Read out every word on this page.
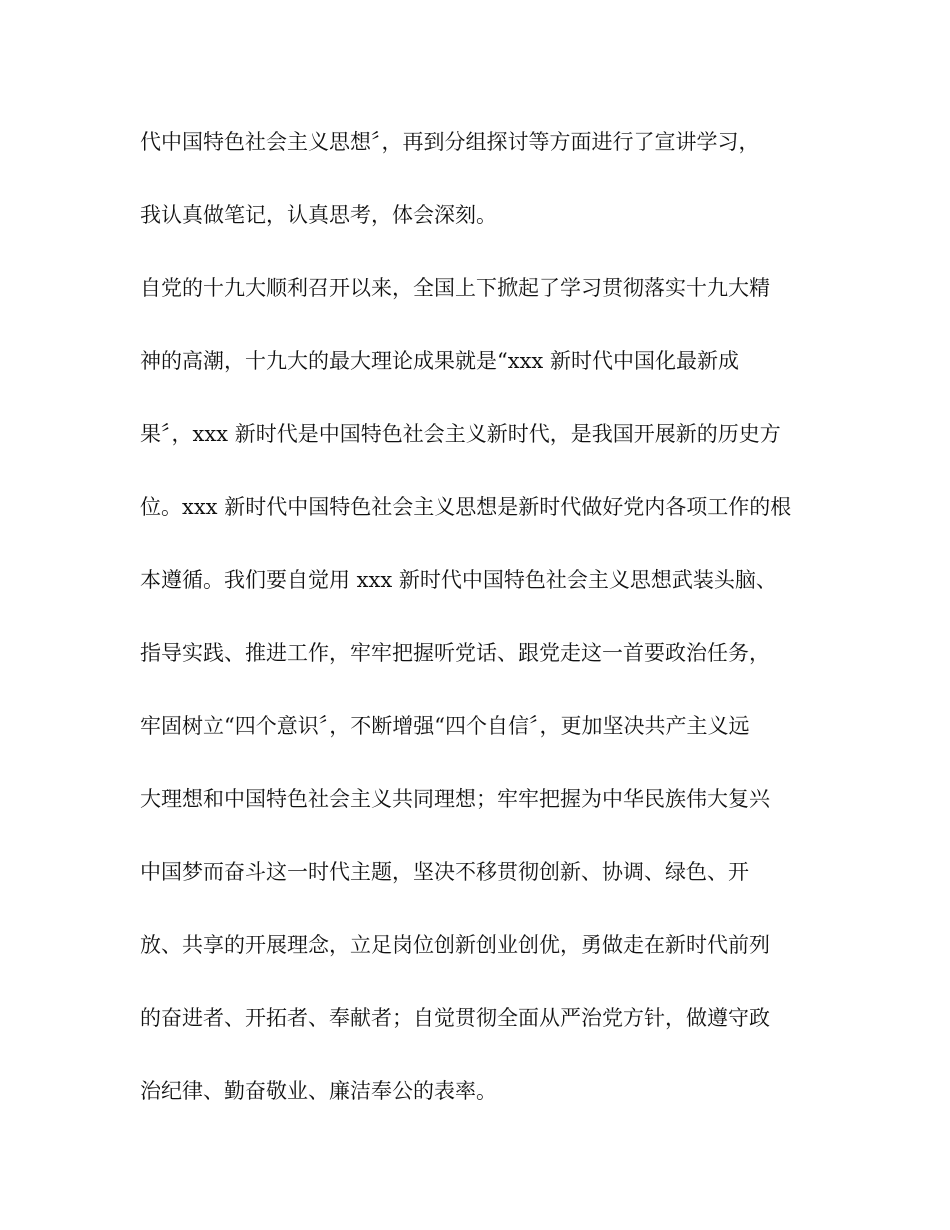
代中国特色社会主义思想〞，再到分组探讨等方面进行了宣讲学习，
我认真做笔记，认真思考，体会深刻。
自党的十九大顺利召开以来，全国上下掀起了学习贯彻落实十九大精
神的高潮，十九大的最大理论成果就是“xxx 新时代中国化最新成
果〞，xxx 新时代是中国特色社会主义新时代，是我国开展新的历史方
位。xxx 新时代中国特色社会主义思想是新时代做好党内各项工作的根
本遵循。我们要自觉用 xxx 新时代中国特色社会主义思想武装头脑、
指导实践、推进工作，牢牢把握听党话、跟党走这一首要政治任务，
牢固树立“四个意识〞，不断增强“四个自信〞，更加坚决共产主义远
大理想和中国特色社会主义共同理想；牢牢把握为中华民族伟大复兴
中国梦而奋斗这一时代主题，坚决不移贯彻创新、协调、绿色、开
放、共享的开展理念，立足岗位创新创业创优，勇做走在新时代前列
的奋进者、开拓者、奉献者；自觉贯彻全面从严治党方针，做遵守政
治纪律、勤奋敬业、廉洁奉公的表率。
